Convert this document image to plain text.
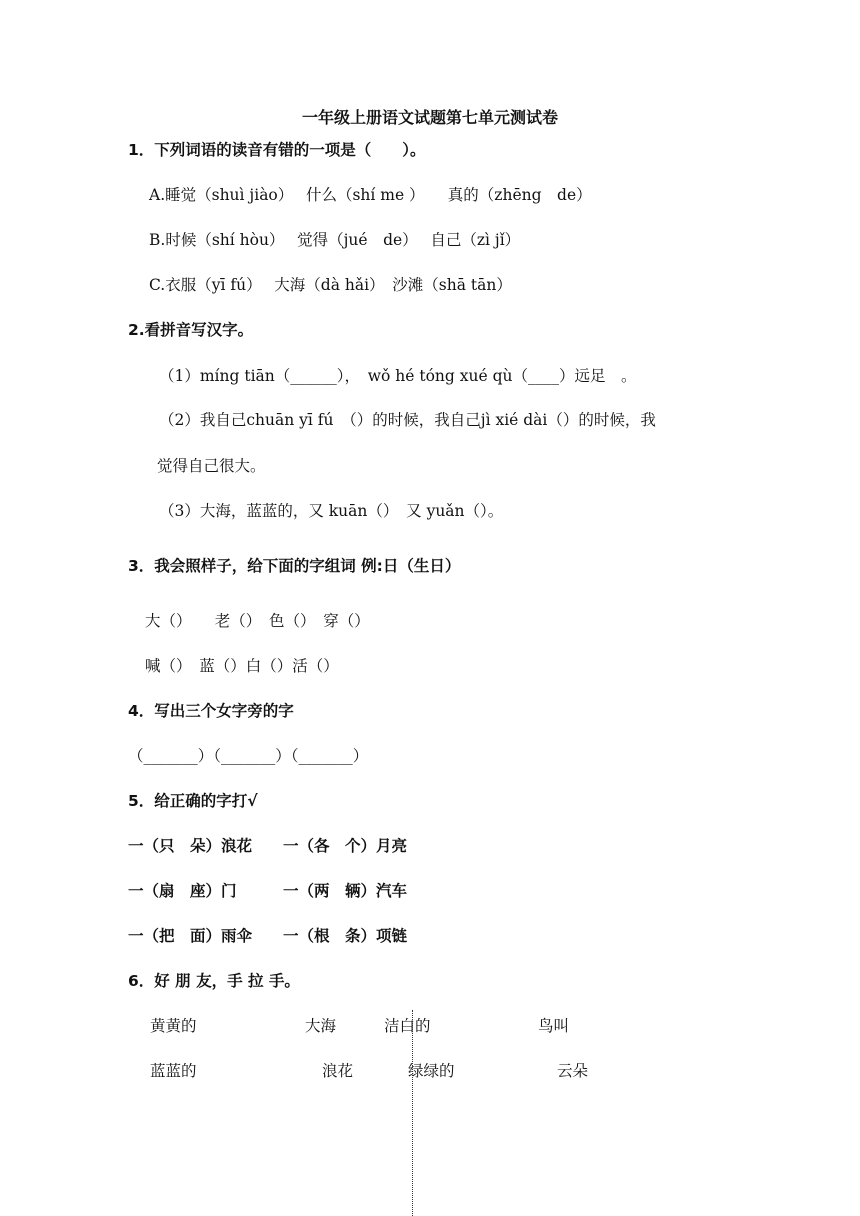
一年级上册语文试题第七单元测试卷
1．下列词语的读音有错的一项是（　　）。
A.睡觉（shuì jiào）　 什么（shí me ）　　真的（zhēng　de）
B.时候（shí hòu）　 觉得（jué　de）　 自己（zì jǐ）
C.衣服（yī fú）　 大海（dà hǎi）　沙滩（shā tān）
2.看拼音写汉字。
（1）míng tiān（______），　wǒ hé tóng xué qù（____）远足　。
（2）我自己chuān yī fú　（）的时候，我自己jì xié dài（）的时候，我
觉得自己很大。
（3）大海，蓝蓝的，又 kuān（）　又 yuǎn（）。
3．我会照样子，给下面的字组词 例:日（生日）
大（）　　老（）　色（）　穿（）
喊（）　蓝（）白（）活（）
4．写出三个女字旁的字
（_______）（_______）（_______）
5．给正确的字打√
一（只　朵）浪花　　一（各　个）月亮
一（扇　座）门　　　一（两　辆）汽车
一（把　面）雨伞　　一（根　条）项链
6．好 朋 友，手 拉 手。
黄黄的	大海	洁白的	鸟叫
蓝蓝的	浪花	绿绿的	云朵
